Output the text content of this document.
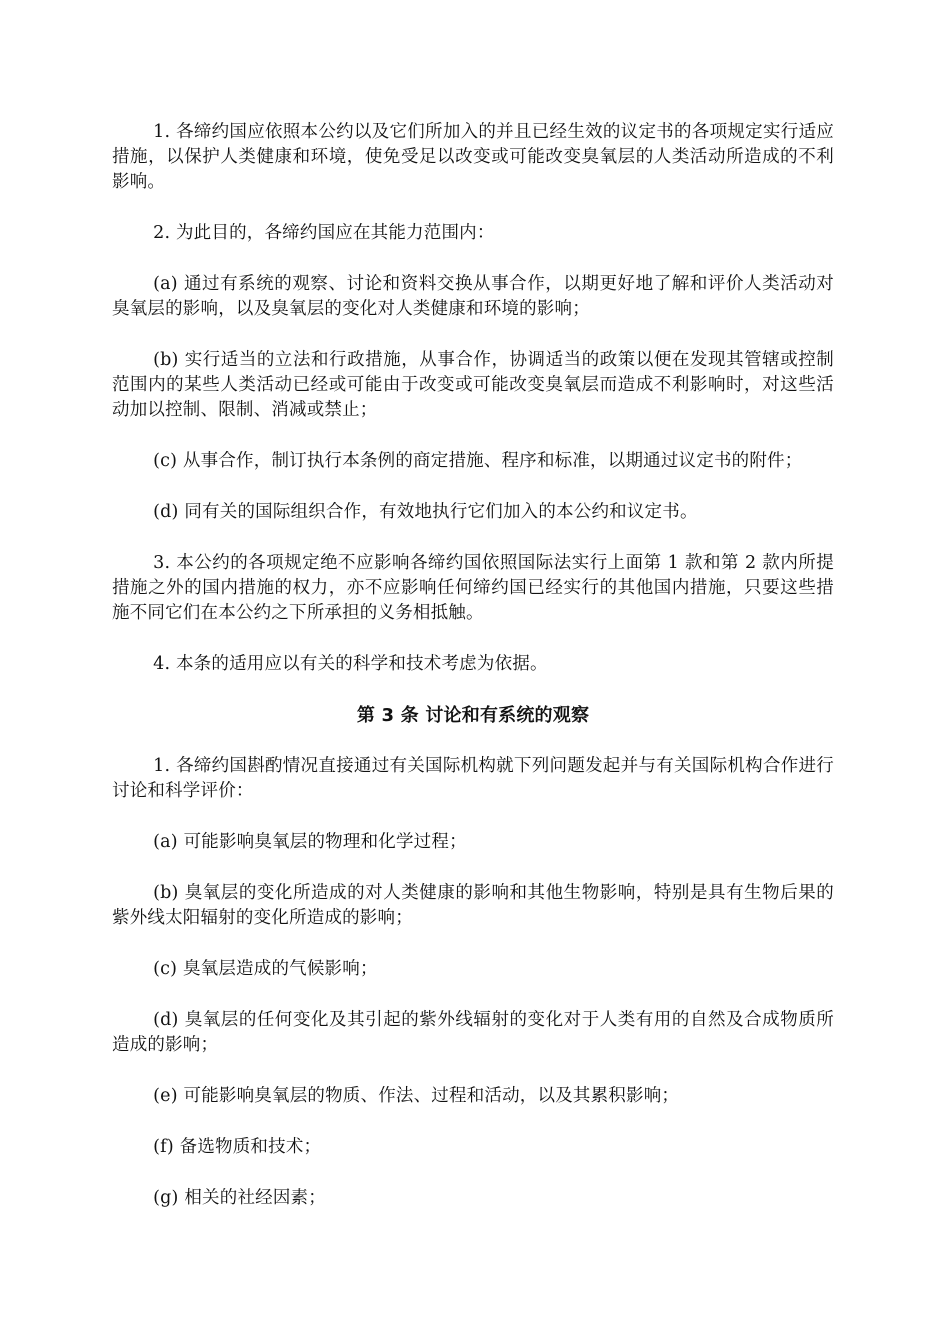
1. 各缔约国应依照本公约以及它们所加入的并且已经生效的议定书的各项规定实行适应措施，以保护人类健康和环境，使免受足以改变或可能改变臭氧层的人类活动所造成的不利影响。

2. 为此目的，各缔约国应在其能力范围内：

(a) 通过有系统的观察、讨论和资料交换从事合作，以期更好地了解和评价人类活动对臭氧层的影响，以及臭氧层的变化对人类健康和环境的影响；

(b) 实行适当的立法和行政措施，从事合作，协调适当的政策以便在发现其管辖或控制范围内的某些人类活动已经或可能由于改变或可能改变臭氧层而造成不利影响时，对这些活动加以控制、限制、消减或禁止；

(c) 从事合作，制订执行本条例的商定措施、程序和标准，以期通过议定书的附件；

(d) 同有关的国际组织合作，有效地执行它们加入的本公约和议定书。

3. 本公约的各项规定绝不应影响各缔约国依照国际法实行上面第 1 款和第 2 款内所提措施之外的国内措施的权力，亦不应影响任何缔约国已经实行的其他国内措施，只要这些措施不同它们在本公约之下所承担的义务相抵触。

4. 本条的适用应以有关的科学和技术考虑为依据。

第 3 条 讨论和有系统的观察

1. 各缔约国斟酌情况直接通过有关国际机构就下列问题发起并与有关国际机构合作进行讨论和科学评价：

(a) 可能影响臭氧层的物理和化学过程；

(b) 臭氧层的变化所造成的对人类健康的影响和其他生物影响，特别是具有生物后果的紫外线太阳辐射的变化所造成的影响；

(c) 臭氧层造成的气候影响；

(d) 臭氧层的任何变化及其引起的紫外线辐射的变化对于人类有用的自然及合成物质所造成的影响；

(e) 可能影响臭氧层的物质、作法、过程和活动，以及其累积影响；

(f) 备选物质和技术；

(g) 相关的社经因素；
